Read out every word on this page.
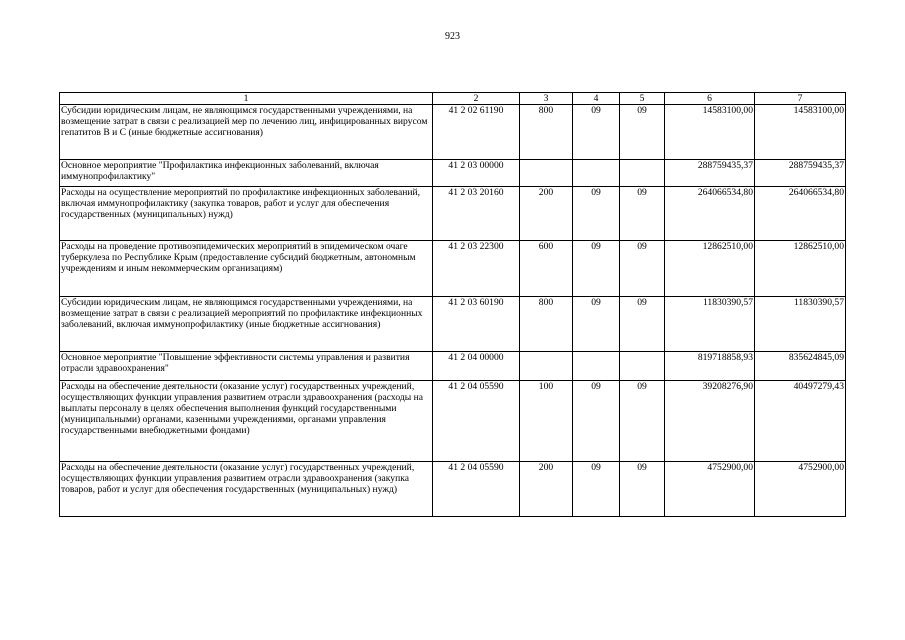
923
1	2	3	4	5	6	7
Субсидии юридическим лицам, не являющимся государственными учреждениями, на возмещение затрат в связи с реализацией мер по лечению лиц, инфицированных вирусом гепатитов В и С (иные бюджетные ассигнования)	41 2 02 61190	800	09	09	14583100,00	14583100,00
Основное мероприятие "Профилактика инфекционных заболеваний, включая иммунопрофилактику"	41 2 03 00000				288759435,37	288759435,37
Расходы на осуществление мероприятий по профилактике инфекционных заболеваний, включая иммунопрофилактику (закупка товаров, работ и услуг для обеспечения государственных (муниципальных) нужд)	41 2 03 20160	200	09	09	264066534,80	264066534,80
Расходы на проведение противоэпидемических мероприятий в эпидемическом очаге туберкулеза по Республике Крым (предоставление субсидий бюджетным, автономным учреждениям и иным некоммерческим организациям)	41 2 03 22300	600	09	09	12862510,00	12862510,00
Субсидии юридическим лицам, не являющимся государственными учреждениями, на возмещение затрат в связи с реализацией мероприятий по профилактике инфекционных заболеваний, включая иммунопрофилактику (иные бюджетные ассигнования)	41 2 03 60190	800	09	09	11830390,57	11830390,57
Основное мероприятие "Повышение эффективности системы управления и развития отрасли здравоохранения"	41 2 04 00000				819718858,93	835624845,09
Расходы на обеспечение деятельности (оказание услуг) государственных учреждений, осуществляющих функции управления развитием отрасли здравоохранения (расходы на выплаты персоналу в целях обеспечения выполнения функций государственными (муниципальными) органами, казенными учреждениями, органами управления государственными внебюджетными фондами)	41 2 04 05590	100	09	09	39208276,90	40497279,43
Расходы на обеспечение деятельности (оказание услуг) государственных учреждений, осуществляющих функции управления развитием отрасли здравоохранения (закупка товаров, работ и услуг для обеспечения государственных (муниципальных) нужд)	41 2 04 05590	200	09	09	4752900,00	4752900,00
